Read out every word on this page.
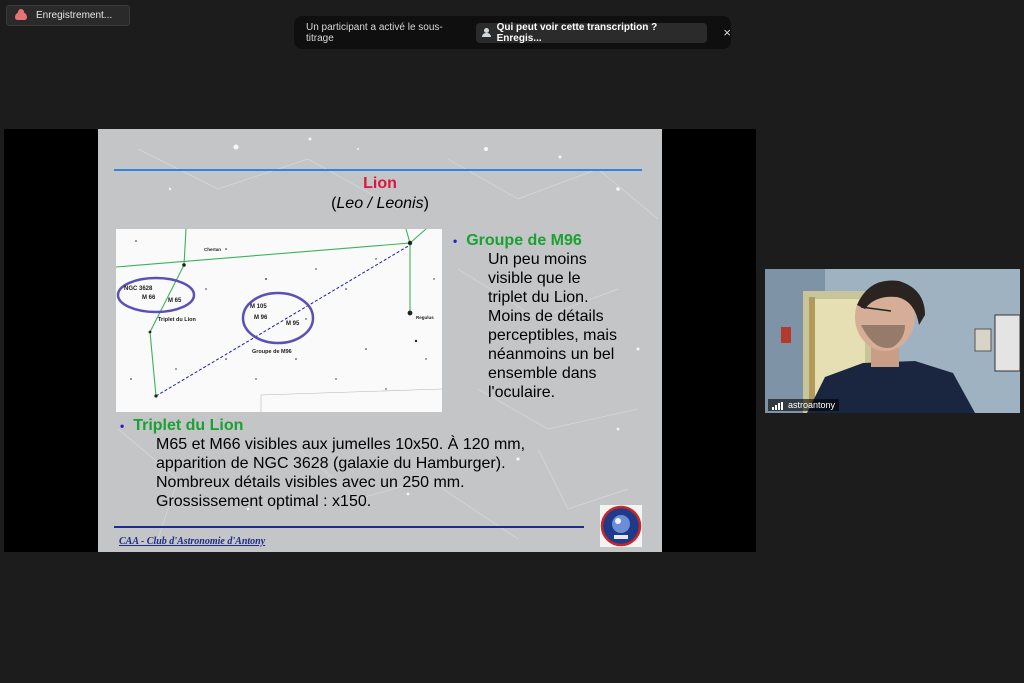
Enregistrement...
Un participant a activé le sous-titrage
Qui peut voir cette transcription ? Enregis...	×
Lion
(Leo / Leonis)
Chertan
Regulus
NGC 3628
M 66 M 65
Triplet du Lion
M 105
M 96
M 95
Groupe de M96
• Groupe de M96
Un peu moins
visible que le
triplet du Lion.
Moins de détails
perceptibles, mais
néanmoins un bel
ensemble dans
l'oculaire.
• Triplet du Lion
M65 et M66 visibles aux jumelles 10x50. À 120 mm,
apparition de NGC 3628 (galaxie du Hamburger).
Nombreux détails visibles avec un 250 mm.
Grossissement optimal : x150.
CAA - Club d'Astronomie d'Antony
astroantony
